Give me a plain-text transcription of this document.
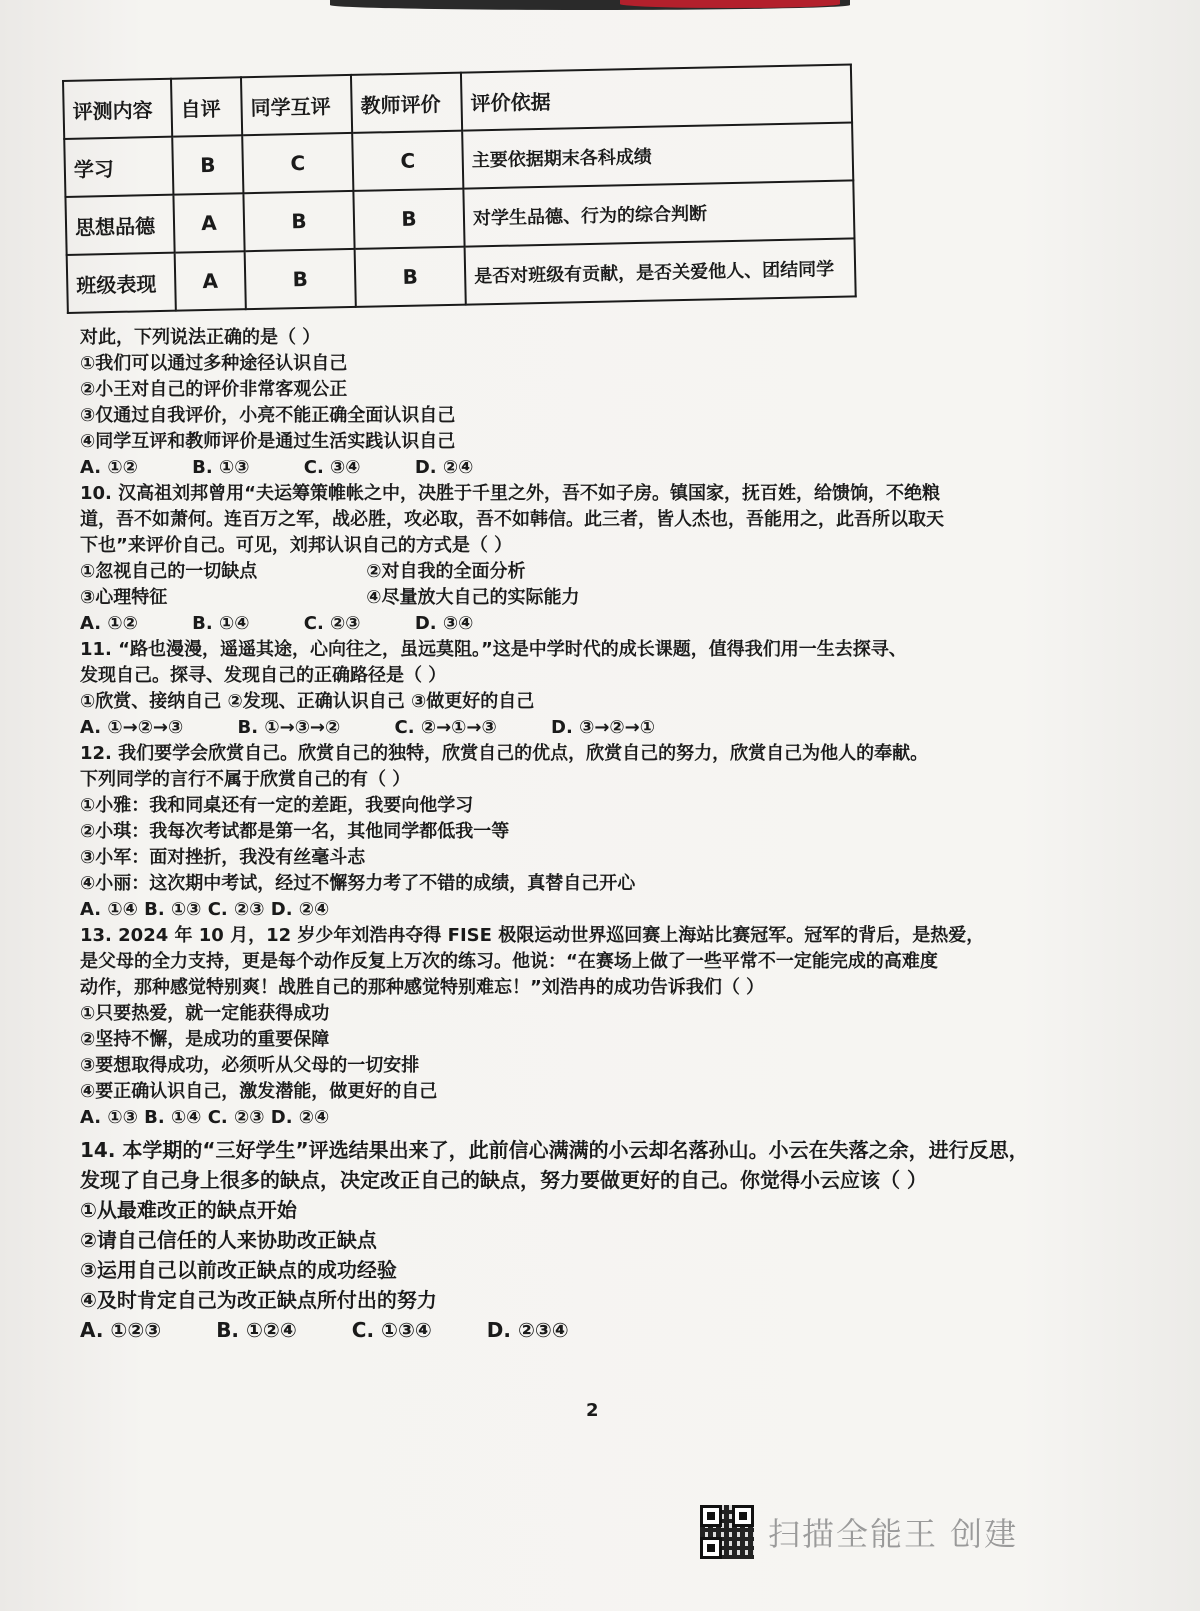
评测内容	自评	同学互评	教师评价	评价依据
学习	B	C	C	主要依据期末各科成绩
思想品德	A	B	B	对学生品德、行为的综合判断
班级表现	A	B	B	是否对班级有贡献，是否关爱他人、团结同学
对此，下列说法正确的是（ ）
①我们可以通过多种途径认识自己
②小王对自己的评价非常客观公正
③仅通过自我评价，小亮不能正确全面认识自己
④同学互评和教师评价是通过生活实践认识自己
A. ①②	B. ①③	C. ③④	D. ②④
10. 汉高祖刘邦曾用“夫运筹策帷帐之中，决胜于千里之外，吾不如子房。镇国家，抚百姓，给馈饷，不绝粮
道，吾不如萧何。连百万之军，战必胜，攻必取，吾不如韩信。此三者，皆人杰也，吾能用之，此吾所以取天
下也”来评价自己。可见，刘邦认识自己的方式是（ ）
①忽视自己的一切缺点	②对自我的全面分析
③心理特征	④尽量放大自己的实际能力
A. ①②	B. ①④	C. ②③	D. ③④
11. “路也漫漫，遥遥其途，心向往之，虽远莫阻。”这是中学时代的成长课题，值得我们用一生去探寻、
发现自己。探寻、发现自己的正确路径是（ ）
①欣赏、接纳自己 ②发现、正确认识自己 ③做更好的自己
A. ①→②→③	B. ①→③→②	C. ②→①→③	D. ③→②→①
12. 我们要学会欣赏自己。欣赏自己的独特，欣赏自己的优点，欣赏自己的努力，欣赏自己为他人的奉献。
下列同学的言行不属于欣赏自己的有（ ）
①小雅：我和同桌还有一定的差距，我要向他学习
②小琪：我每次考试都是第一名，其他同学都低我一等
③小军：面对挫折，我没有丝毫斗志
④小丽：这次期中考试，经过不懈努力考了不错的成绩，真替自己开心
A. ①④ B. ①③ C. ②③ D. ②④
13. 2024 年 10 月，12 岁少年刘浩冉夺得 FISE 极限运动世界巡回赛上海站比赛冠军。冠军的背后，是热爱，
是父母的全力支持，更是每个动作反复上万次的练习。他说：“在赛场上做了一些平常不一定能完成的高难度
动作，那种感觉特别爽！战胜自己的那种感觉特别难忘！”刘浩冉的成功告诉我们（ ）
①只要热爱，就一定能获得成功
②坚持不懈，是成功的重要保障
③要想取得成功，必须听从父母的一切安排
④要正确认识自己，激发潜能，做更好的自己
A. ①③ B. ①④ C. ②③ D. ②④
14. 本学期的“三好学生”评选结果出来了，此前信心满满的小云却名落孙山。小云在失落之余，进行反思，
发现了自己身上很多的缺点，决定改正自己的缺点，努力要做更好的自己。你觉得小云应该（ ）
①从最难改正的缺点开始
②请自己信任的人来协助改正缺点
③运用自己以前改正缺点的成功经验
④及时肯定自己为改正缺点所付出的努力
A. ①②③	B. ①②④	C. ①③④	D. ②③④
2
扫描全能王 创建
